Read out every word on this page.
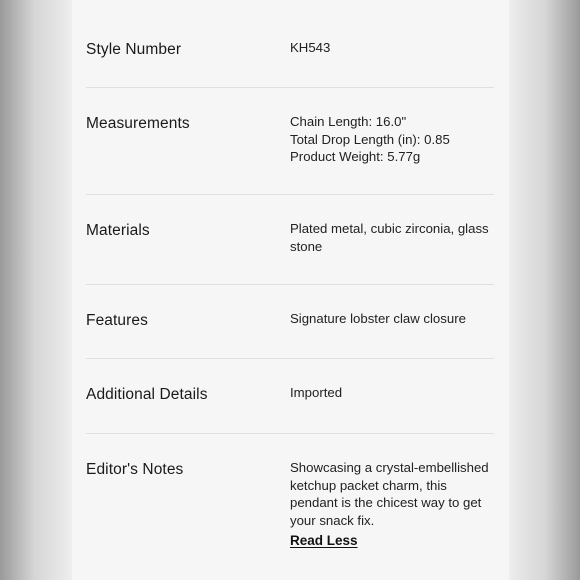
Style Number	KH543
Measurements	Chain Length: 16.0"
Total Drop Length (in): 0.85
Product Weight: 5.77g
Materials	Plated metal, cubic zirconia, glass
stone
Features	Signature lobster claw closure
Additional Details	Imported
Editor's Notes	Showcasing a crystal-embellished
ketchup packet charm, this
pendant is the chicest way to get
your snack fix.
Read Less
